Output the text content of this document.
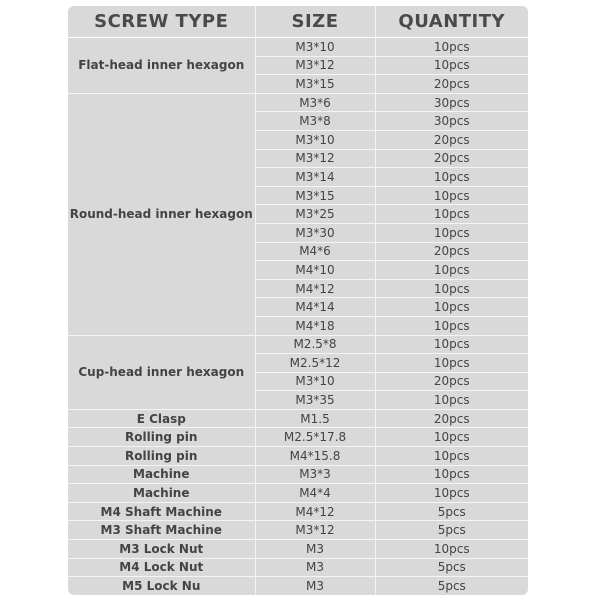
SCREW TYPE	SIZE	QUANTITY
Flat-head inner hexagon	M3*10	10pcs
	M3*12	10pcs
	M3*15	20pcs
Round-head inner hexagon	M3*6	30pcs
	M3*8	30pcs
	M3*10	20pcs
	M3*12	20pcs
	M3*14	10pcs
	M3*15	10pcs
	M3*25	10pcs
	M3*30	10pcs
	M4*6	20pcs
	M4*10	10pcs
	M4*12	10pcs
	M4*14	10pcs
	M4*18	10pcs
Cup-head inner hexagon	M2.5*8	10pcs
	M2.5*12	10pcs
	M3*10	20pcs
	M3*35	10pcs
E Clasp	M1.5	20pcs
Rolling pin	M2.5*17.8	10pcs
Rolling pin	M4*15.8	10pcs
Machine	M3*3	10pcs
Machine	M4*4	10pcs
M4 Shaft Machine	M4*12	5pcs
M3 Shaft Machine	M3*12	5pcs
M3 Lock Nut	M3	10pcs
M4 Lock Nut	M3	5pcs
M5 Lock Nu	M3	5pcs
